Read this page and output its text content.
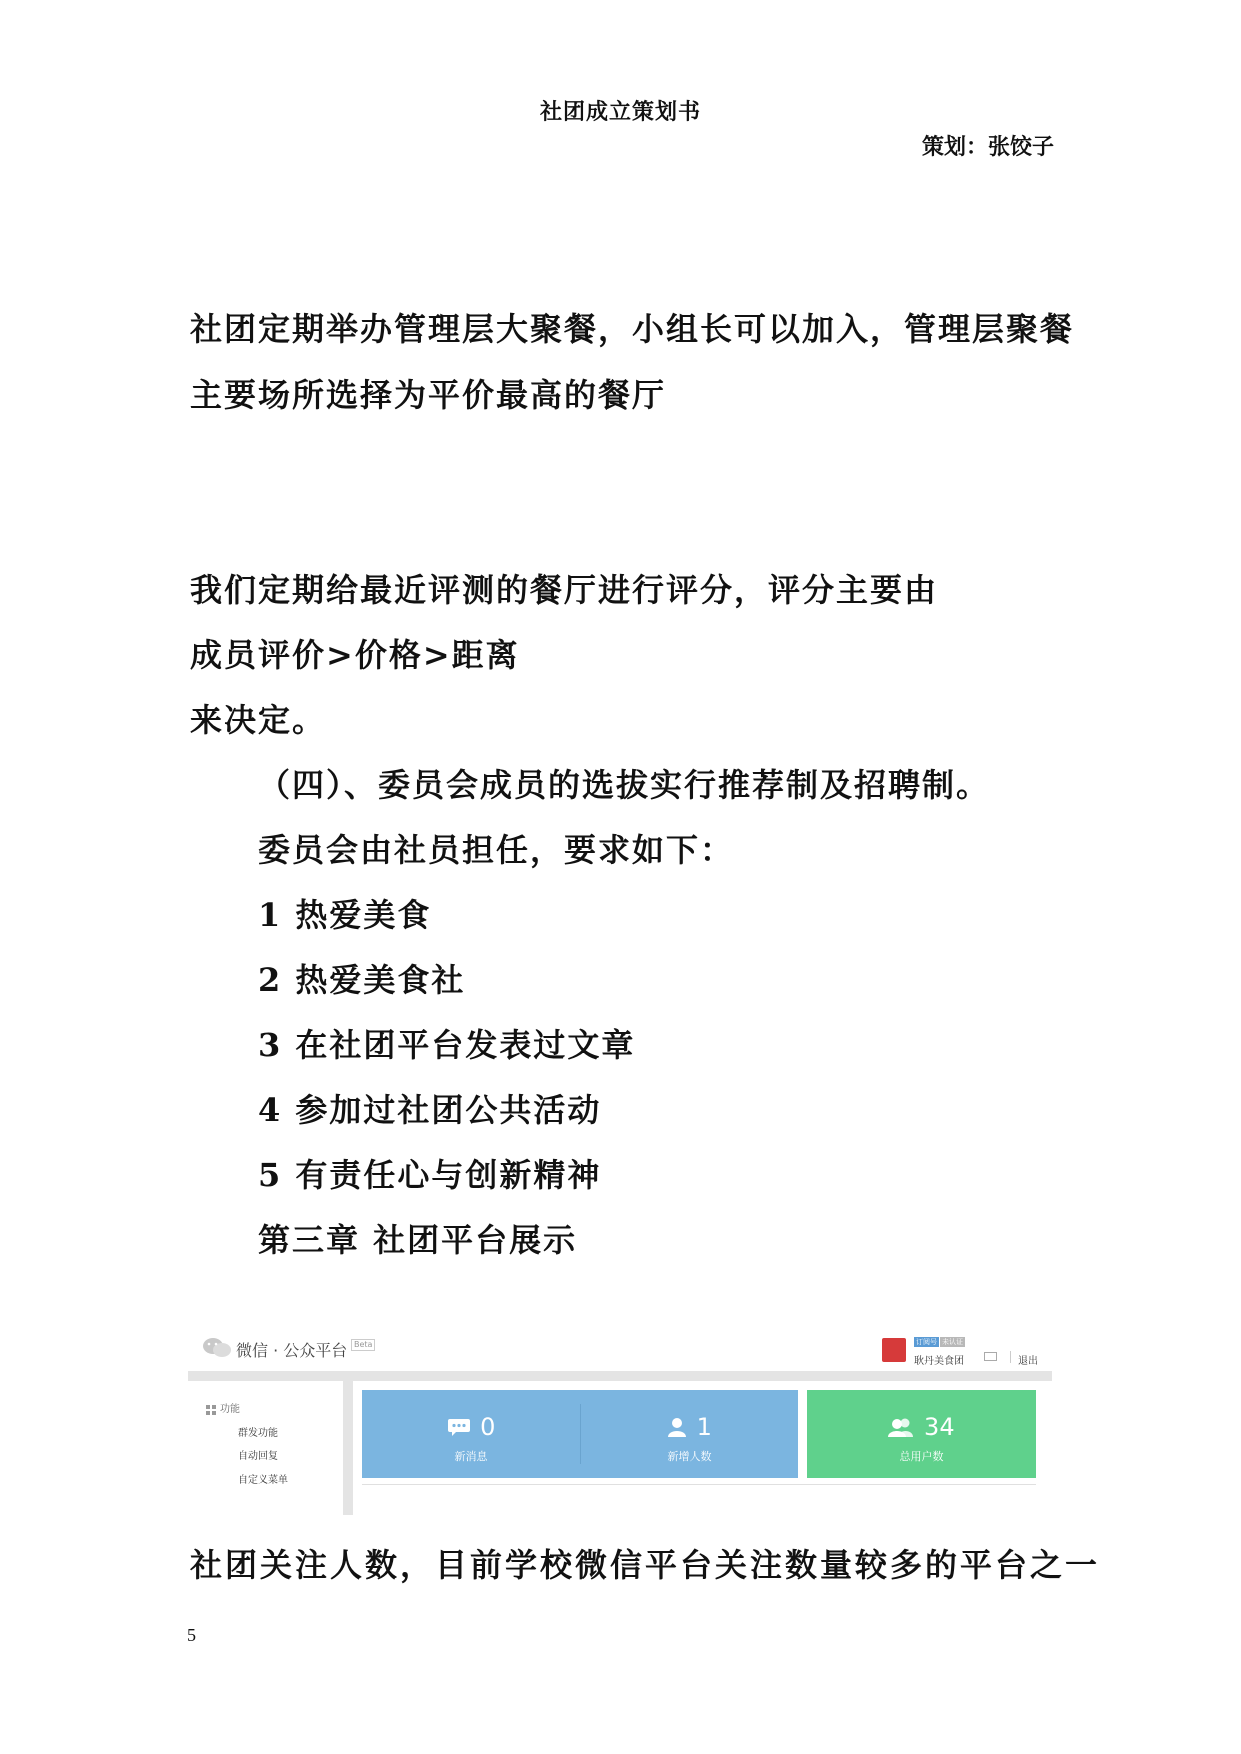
社团成立策划书
策划：张饺子
社团定期举办管理层大聚餐，小组长可以加入，管理层聚餐
主要场所选择为平价最高的餐厅
我们定期给最近评测的餐厅进行评分，评分主要由
成员评价>价格>距离
来决定。
（四）、委员会成员的选拔实行推荐制及招聘制。
委员会由社员担任，要求如下：
1 热爱美食
2 热爱美食社
3 在社团平台发表过文章
4 参加过社团公共活动
5 有责任心与创新精神
第三章 社团平台展示
微信 · 公众平台 Beta	订阅号 未认证
耿丹美食团	退出
功能
群发功能
自动回复
自定义菜单
0
新消息
1
新增人数
34
总用户数
社团关注人数，目前学校微信平台关注数量较多的平台之一
5
